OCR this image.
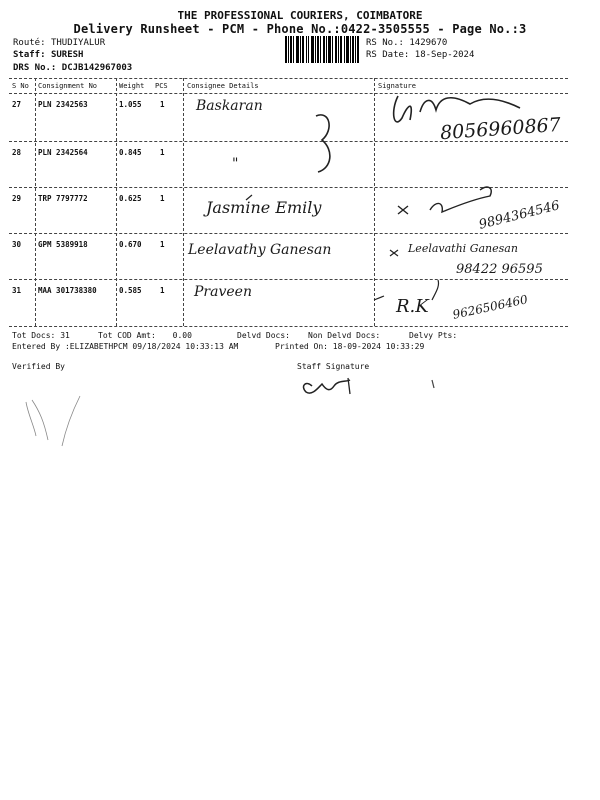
THE PROFESSIONAL COURIERS, COIMBATORE
Delivery Runsheet - PCM - Phone No.:0422-3505555 - Page No.:3
Routé: THUDIYALUR
Staff: SURESH
DRS No.: DCJB142967003
RS No.: 1429670
RS Date: 18-Sep-2024
S No Consignment No	Weight PCS	Consignee Details	Signature
27 PLN 2342563	1.055 1 Baskaran
8056960867
28 PLN 2342564	0.845 1
"
29 TRP 7797772	0.625 1	Jasmine Emily	9894364546
30 GPM 5389918	0.670 1 Leelavathy Ganesan	Leelavathi Ganesan
98422 96595
31 MAA 301738380	0.585 1 Praveen
R.K 9626506460
Tot Docs: 31	Tot COD Amt: 0.00	Delvd Docs: Non Delvd Docs:	Delvy Pts:
Entered By :ELIZABETHPCM 09/18/2024 10:33:13 AM	Printed On: 18-09-2024 10:33:29
Verified By	Staff Signature
